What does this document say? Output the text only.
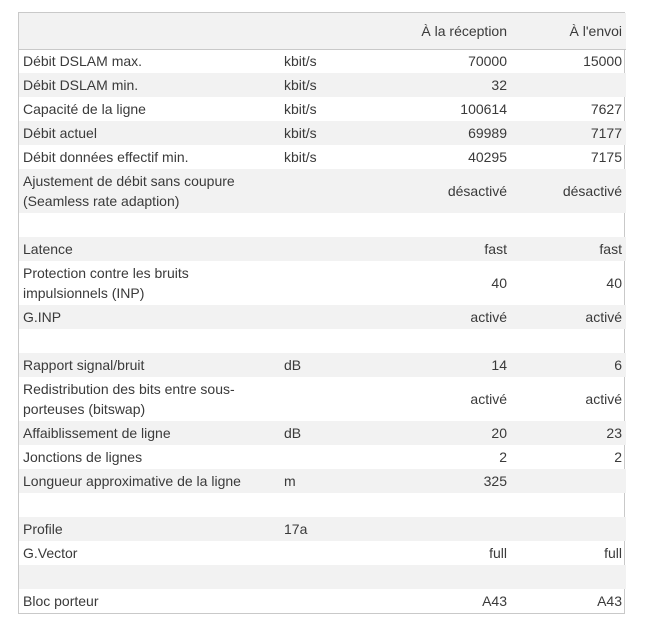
		À la réception	À l'envoi
Débit DSLAM max.	kbit/s	70000	15000
Débit DSLAM min.	kbit/s	32	
Capacité de la ligne	kbit/s	100614	7627
Débit actuel	kbit/s	69989	7177
Débit données effectif min.	kbit/s	40295	7175
Ajustement de débit sans coupure (Seamless rate adaption)		désactivé	désactivé

Latence		fast	fast
Protection contre les bruits impulsionnels (INP)		40	40
G.INP		activé	activé

Rapport signal/bruit	dB	14	6
Redistribution des bits entre sous-porteuses (bitswap)		activé	activé
Affaiblissement de ligne	dB	20	23
Jonctions de lignes		2	2
Longueur approximative de la ligne	m	325	

Profile	17a		
G.Vector		full	full

Bloc porteur		A43	A43
